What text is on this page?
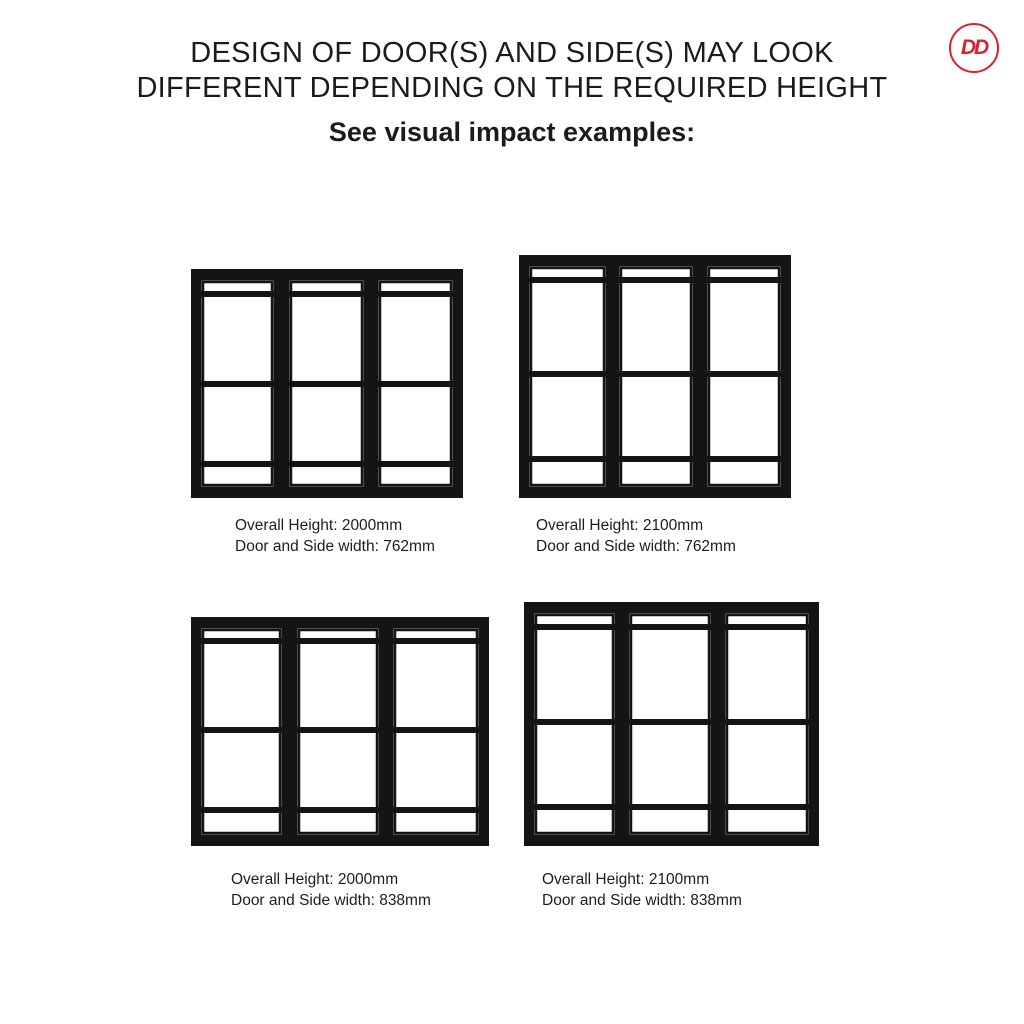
DESIGN OF DOOR(S) AND SIDE(S) MAY LOOK
DIFFERENT DEPENDING ON THE REQUIRED HEIGHT
See visual impact examples:
DD
Overall Height: 2000mm
Door and Side width: 762mm
Overall Height: 2100mm
Door and Side width: 762mm
Overall Height: 2000mm
Door and Side width: 838mm
Overall Height: 2100mm
Door and Side width: 838mm
